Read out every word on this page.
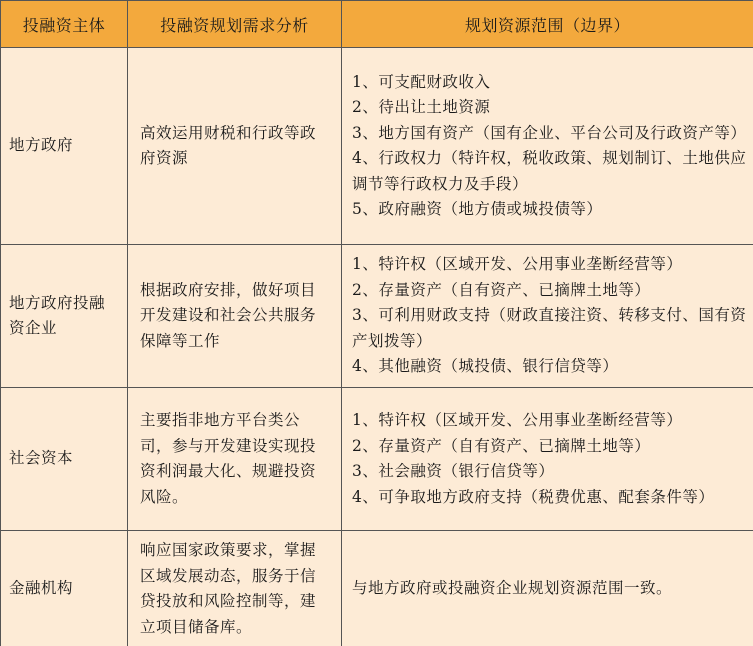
投融资主体	投融资规划需求分析	规划资源范围（边界）
地方政府	高效运用财税和行政等政府资源	1、可支配财政收入
2、待出让土地资源
3、地方国有资产（国有企业、平台公司及行政资产等）
4、行政权力（特许权，税收政策、规划制订、土地供应调节等行政权力及手段）
5、政府融资（地方债或城投债等）

地方政府投融资企业	根据政府安排，做好项目开发建设和社会公共服务保障等工作	1、特许权（区域开发、公用事业垄断经营等）
2、存量资产（自有资产、已摘牌土地等）
3、可利用财政支持（财政直接注资、转移支付、国有资产划拨等）
4、其他融资（城投债、银行信贷等）

社会资本	主要指非地方平台类公司，参与开发建设实现投资利润最大化、规避投资风险。	1、特许权（区域开发、公用事业垄断经营等）
2、存量资产（自有资产、已摘牌土地等）
3、社会融资（银行信贷等）
4、可争取地方政府支持（税费优惠、配套条件等）

金融机构	响应国家政策要求，掌握区域发展动态，服务于信贷投放和风险控制等，建立项目储备库。	与地方政府或投融资企业规划资源范围一致。
